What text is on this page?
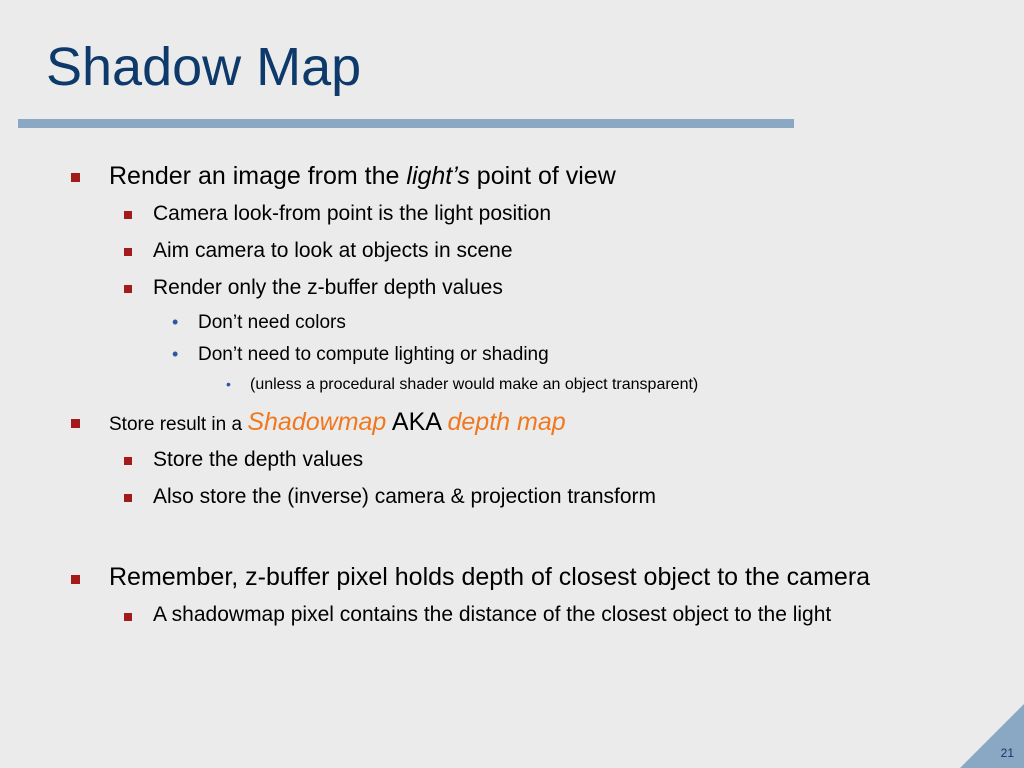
Shadow Map
Render an image from the light’s point of view
Camera look-from point is the light position
Aim camera to look at objects in scene
Render only the z-buffer depth values
• Don’t need colors
• Don’t need to compute lighting or shading
• (unless a procedural shader would make an object transparent)
Store result in a Shadowmap AKA depth map
Store the depth values
Also store the (inverse) camera & projection transform
Remember, z-buffer pixel holds depth of closest object to the camera
A shadowmap pixel contains the distance of the closest object to the light
21
